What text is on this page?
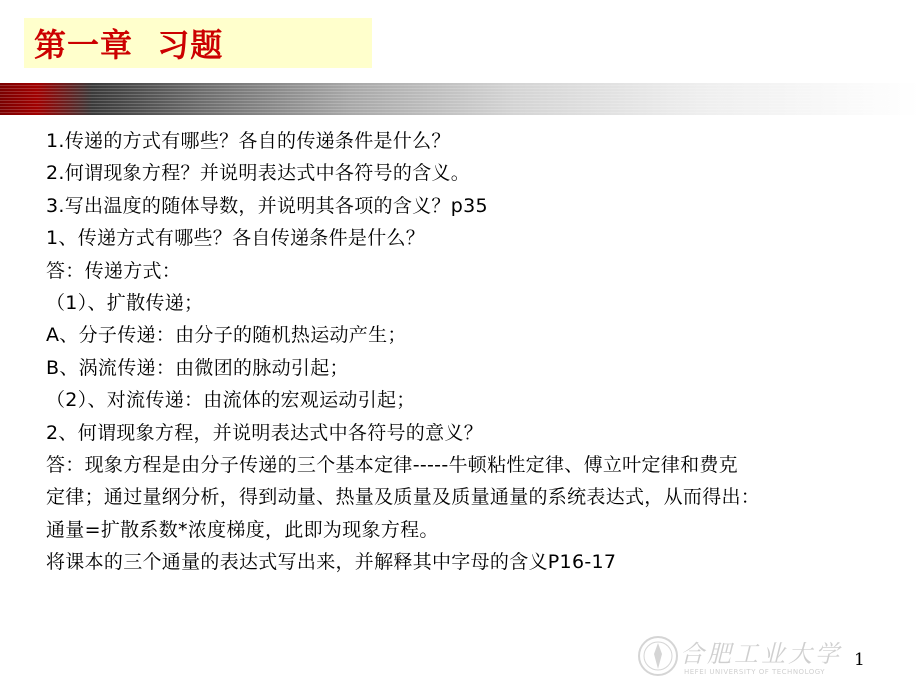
第一章  习题
1.传递的方式有哪些？各自的传递条件是什么？
2.何谓现象方程？并说明表达式中各符号的含义。
3.写出温度的随体导数，并说明其各项的含义？p35
1、传递方式有哪些？各自传递条件是什么？
答：传递方式：
（1）、扩散传递；
A、分子传递：由分子的随机热运动产生；
B、涡流传递：由微团的脉动引起；
（2）、对流传递：由流体的宏观运动引起；
2、何谓现象方程，并说明表达式中各符号的意义？
答：现象方程是由分子传递的三个基本定律-----牛顿粘性定律、傅立叶定律和费克
定律；通过量纲分析，得到动量、热量及质量及质量通量的系统表达式，从而得出：
通量=扩散系数*浓度梯度，此即为现象方程。
将课本的三个通量的表达式写出来，并解释其中字母的含义P16-17
合肥工业大学
HEFEI UNIVERSITY OF TECHNOLOGY
1
